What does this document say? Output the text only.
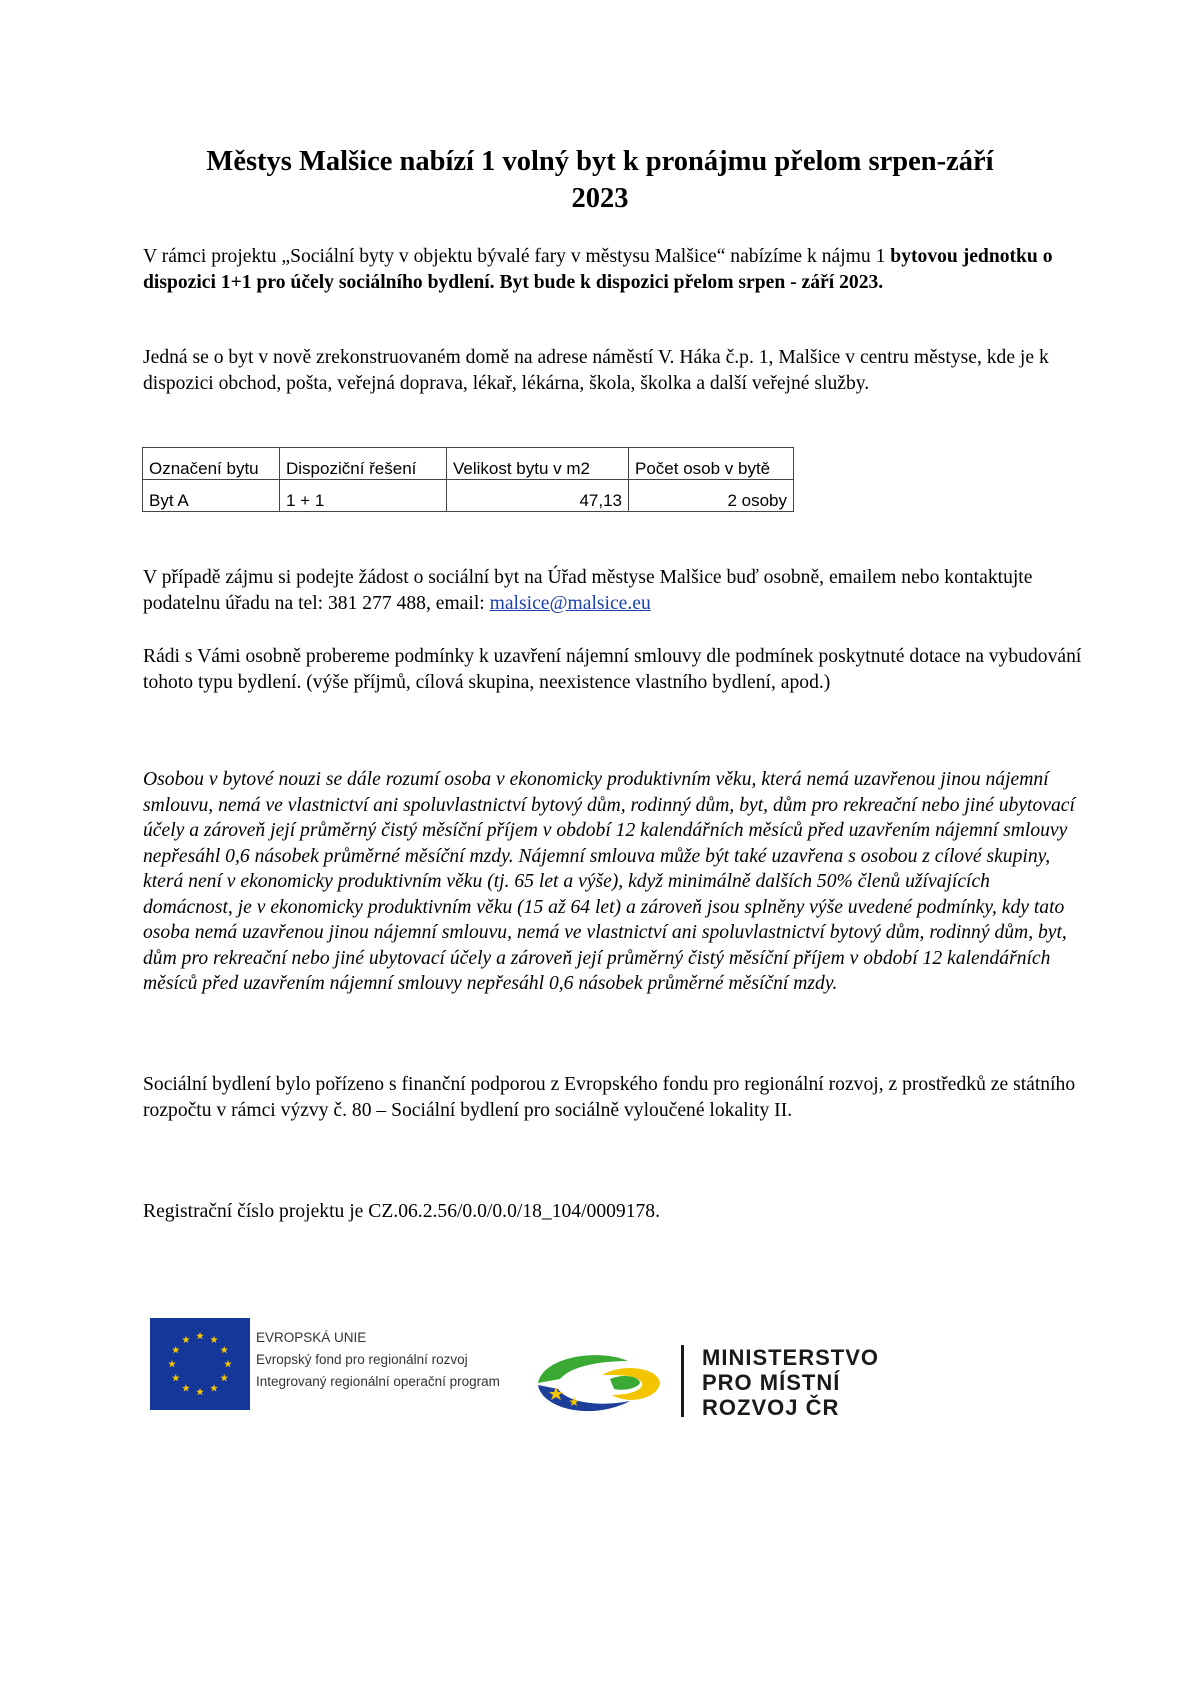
Městys Malšice nabízí 1 volný byt k pronájmu přelom srpen-září
2023
V rámci projektu „Sociální byty v objektu bývalé fary v městysu Malšice“ nabízíme k nájmu 1 bytovou jednotku o dispozici 1+1 pro účely sociálního bydlení. Byt bude k dispozici přelom srpen - září 2023.
Jedná se o byt v nově zrekonstruovaném domě na adrese náměstí V. Háka č.p. 1, Malšice v centru městyse, kde je k dispozici obchod, pošta, veřejná doprava, lékař, lékárna, škola, školka a další veřejné služby.
Označení bytu	Dispoziční řešení	Velikost bytu v m2	Počet osob v bytě
Byt A	1 + 1	47,13	2 osoby
V případě zájmu si podejte žádost o sociální byt na Úřad městyse Malšice buď osobně, emailem nebo kontaktujte podatelnu úřadu na tel: 381 277 488, email: malsice@malsice.eu
Rádi s Vámi osobně probereme podmínky k uzavření nájemní smlouvy dle podmínek poskytnuté dotace na vybudování tohoto typu bydlení. (výše příjmů, cílová skupina, neexistence vlastního bydlení, apod.)
Osobou v bytové nouzi se dále rozumí osoba v ekonomicky produktivním věku, která nemá uzavřenou jinou nájemní smlouvu, nemá ve vlastnictví ani spoluvlastnictví bytový dům, rodinný dům, byt, dům pro rekreační nebo jiné ubytovací účely a zároveň její průměrný čistý měsíční příjem v období 12 kalendářních měsíců před uzavřením nájemní smlouvy nepřesáhl 0,6 násobek průměrné měsíční mzdy. Nájemní smlouva může být také uzavřena s osobou z cílové skupiny, která není v ekonomicky produktivním věku (tj. 65 let a výše), když minimálně dalších 50% členů užívajících domácnost, je v ekonomicky produktivním věku (15 až 64 let) a zároveň jsou splněny výše uvedené podmínky, kdy tato osoba nemá uzavřenou jinou nájemní smlouvu, nemá ve vlastnictví ani spoluvlastnictví bytový dům, rodinný dům, byt, dům pro rekreační nebo jiné ubytovací účely a zároveň její průměrný čistý měsíční příjem v období 12 kalendářních měsíců před uzavřením nájemní smlouvy nepřesáhl 0,6 násobek průměrné měsíční mzdy.
Sociální bydlení bylo pořízeno s finanční podporou z Evropského fondu pro regionální rozvoj, z prostředků ze státního rozpočtu v rámci výzvy č. 80 – Sociální bydlení pro sociálně vyloučené lokality II.
Registrační číslo projektu je CZ.06.2.56/0.0/0.0/18_104/0009178.
EVROPSKÁ UNIE
Evropský fond pro regionální rozvoj
Integrovaný regionální operační program
MINISTERSTVO
PRO MÍSTNÍ
ROZVOJ ČR
